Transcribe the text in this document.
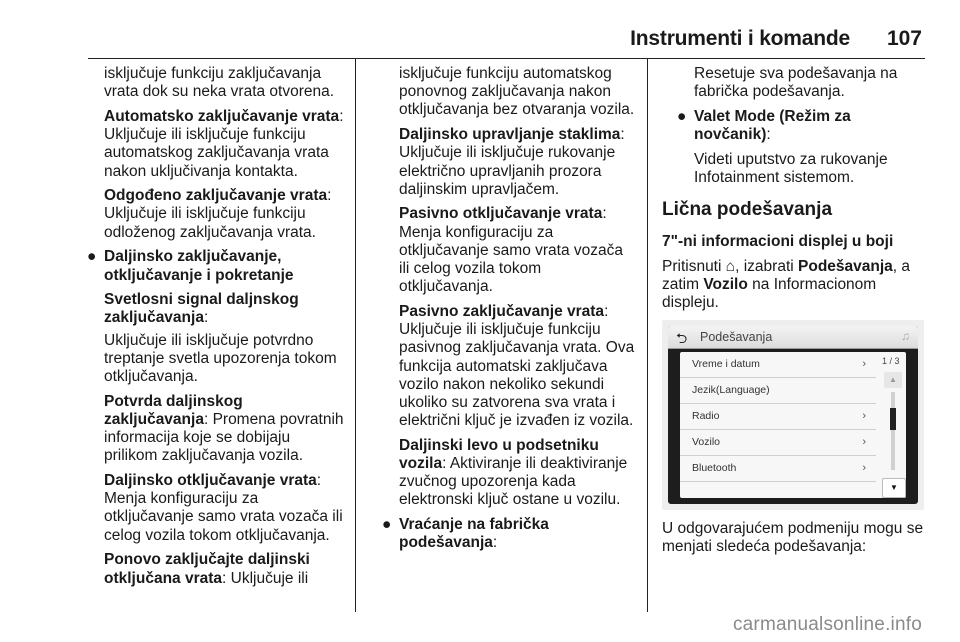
Instrumenti i komande 107

isključuje funkciju zaključavanja vrata dok su neka vrata otvorena.

Automatsko zaključavanje vrata: Uključuje ili isključuje funkciju automatskog zaključavanja vrata nakon uključivanja kontakta.

Odgođeno zaključavanje vrata: Uključuje ili isključuje funkciju odloženog zaključavanja vrata.

● Daljinsko zaključavanje, otključavanje i pokretanje

Svetlosni signal daljnskog zaključavanja:

Uključuje ili isključuje potvrdno treptanje svetla upozorenja tokom otključavanja.

Potvrda daljinskog zaključavanja: Promena povratnih informacija koje se dobijaju prilikom zaključavanja vozila.

Daljinsko otključavanje vrata: Menja konfiguraciju za otključavanje samo vrata vozača ili celog vozila tokom otključavanja.

Ponovo zaključajte daljinski otključana vrata: Uključuje ili

isključuje funkciju automatskog ponovnog zaključavanja nakon otključavanja bez otvaranja vozila.

Daljinsko upravljanje staklima: Uključuje ili isključuje rukovanje električno upravljanih prozora daljinskim upravljačem.

Pasivno otključavanje vrata: Menja konfiguraciju za otključavanje samo vrata vozača ili celog vozila tokom otključavanja.

Pasivno zaključavanje vrata: Uključuje ili isključuje funkciju pasivnog zaključavanja vrata. Ova funkcija automatski zaključava vozilo nakon nekoliko sekundi ukoliko su zatvorena sva vrata i električni ključ je izvađen iz vozila.

Daljinski levo u podsetniku vozila: Aktiviranje ili deaktiviranje zvučnog upozorenja kada elektronski ključ ostane u vozilu.

● Vraćanje na fabrička podešavanja:

Resetuje sva podešavanja na fabrička podešavanja.

● Valet Mode (Režim za novčanik):

Videti uputstvo za rukovanje Infotainment sistemom.

Lična podešavanja
7"-ni informacioni displej u boji

Pritisnuti ⌂, izabrati Podešavanja, a zatim Vozilo na Informacionom displeju.

U odgovarajućem podmeniju mogu se menjati sledeća podešavanja:

⮌ Podešavanja	♫
Vreme i datum	›
Jezik(Language)
Radio	›
Vozilo	›
Bluetooth	›
1 / 3
▲
▼
carmanualsonline.info
